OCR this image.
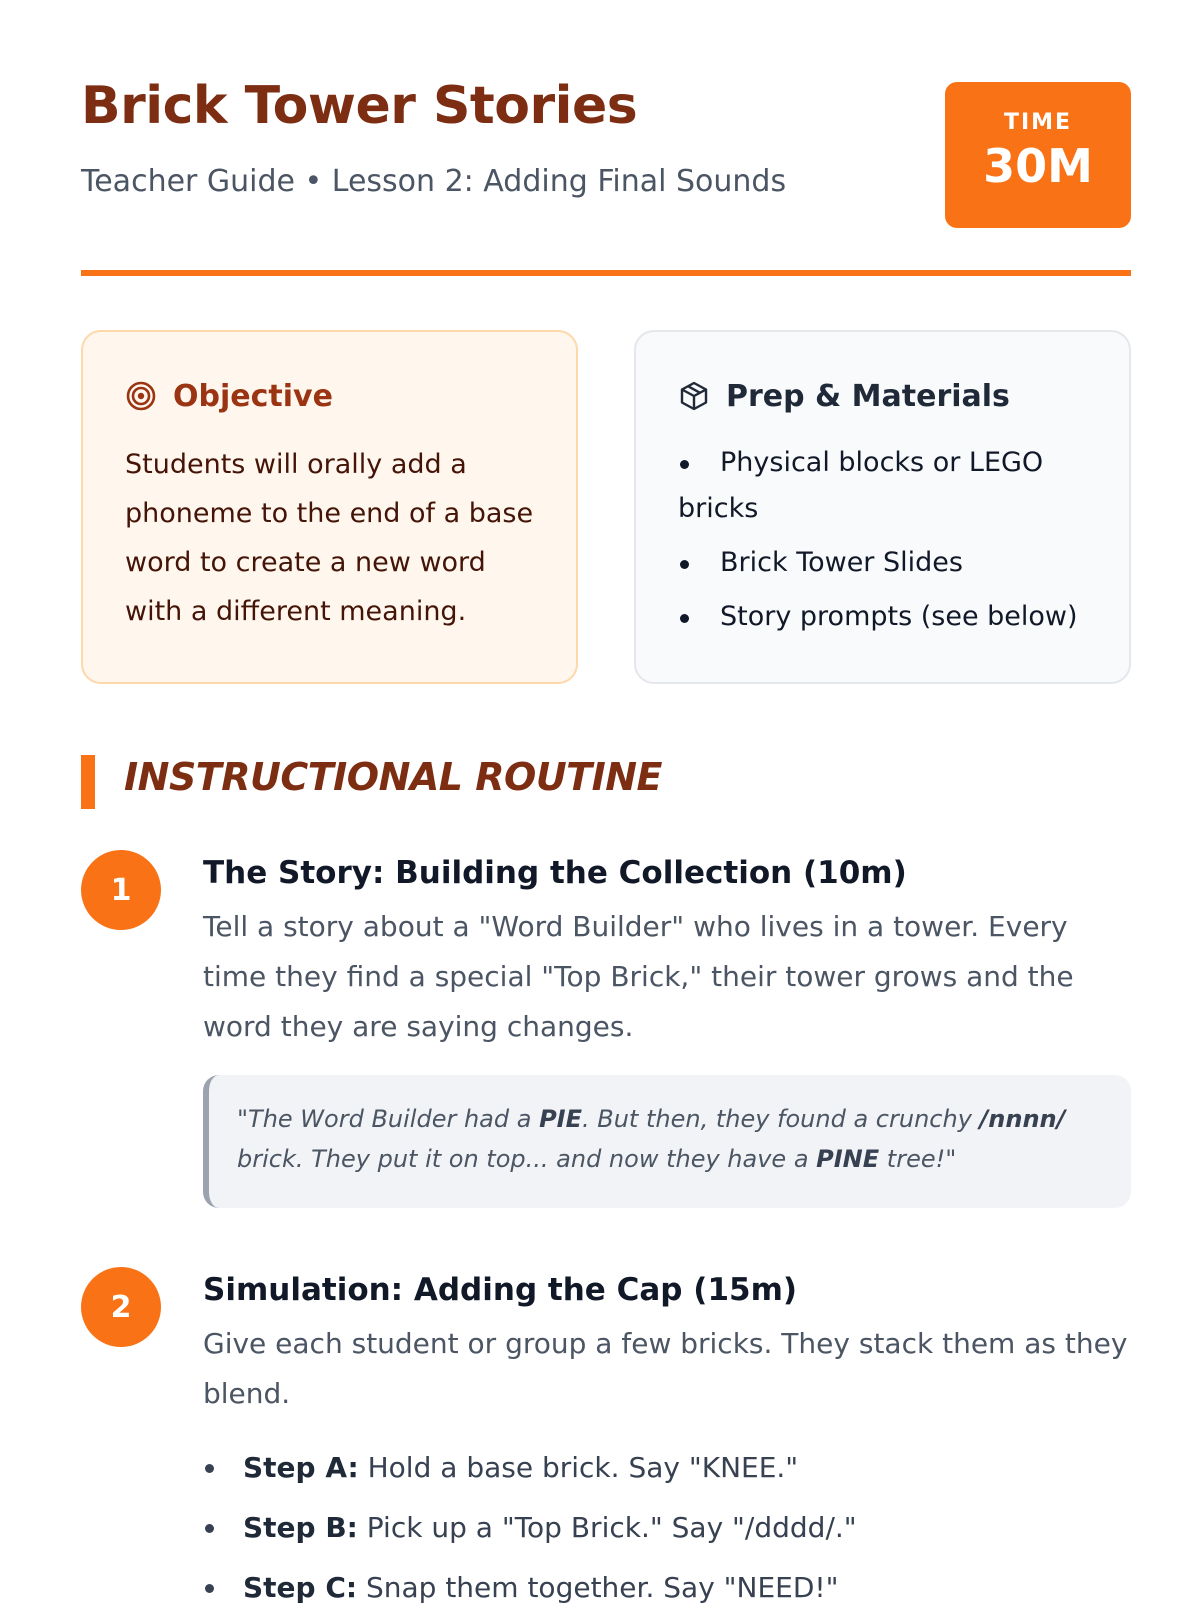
Brick Tower Stories

Teacher Guide • Lesson 2: Adding Final Sounds

TIME
30M
Objective

Students will orally add a phoneme to the end of a base word to create a new word with a different meaning.

Prep & Materials
Physical blocks or LEGO bricks
Brick Tower Slides
Story prompts (see below)
INSTRUCTIONAL ROUTINE
1	The Story: Building the Collection (10m)

Tell a story about a "Word Builder" who lives in a tower. Every time they find a special "Top Brick," their tower grows and the word they are saying changes.

"The Word Builder had a PIE. But then, they found a crunchy /nnnn/ brick. They put it on top... and now they have a PINE tree!"
2	Simulation: Adding the Cap (15m)

Give each student or group a few bricks. They stack them as they blend.

Step A: Hold a base brick. Say "KNEE."
Step B: Pick up a "Top Brick." Say "/dddd/."
Step C: Snap them together. Say "NEED!"
